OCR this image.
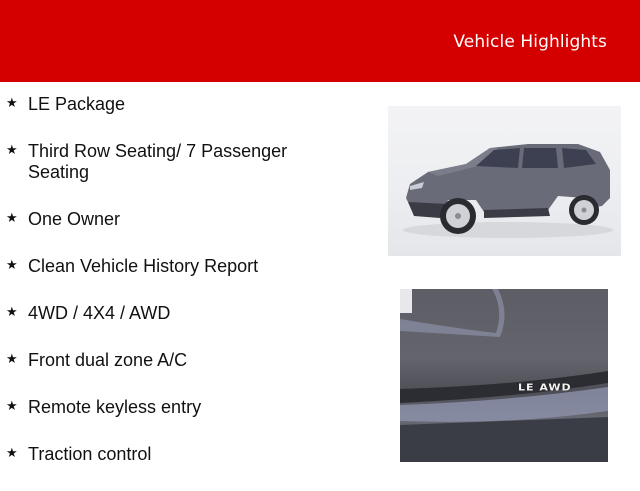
Vehicle Highlights
★ LE Package
★ Third Row Seating/ 7 Passenger Seating
★ One Owner
★ Clean Vehicle History Report
★ 4WD / 4X4 / AWD
★ Front dual zone A/C
★ Remote keyless entry
★ Traction control
LE AWD
